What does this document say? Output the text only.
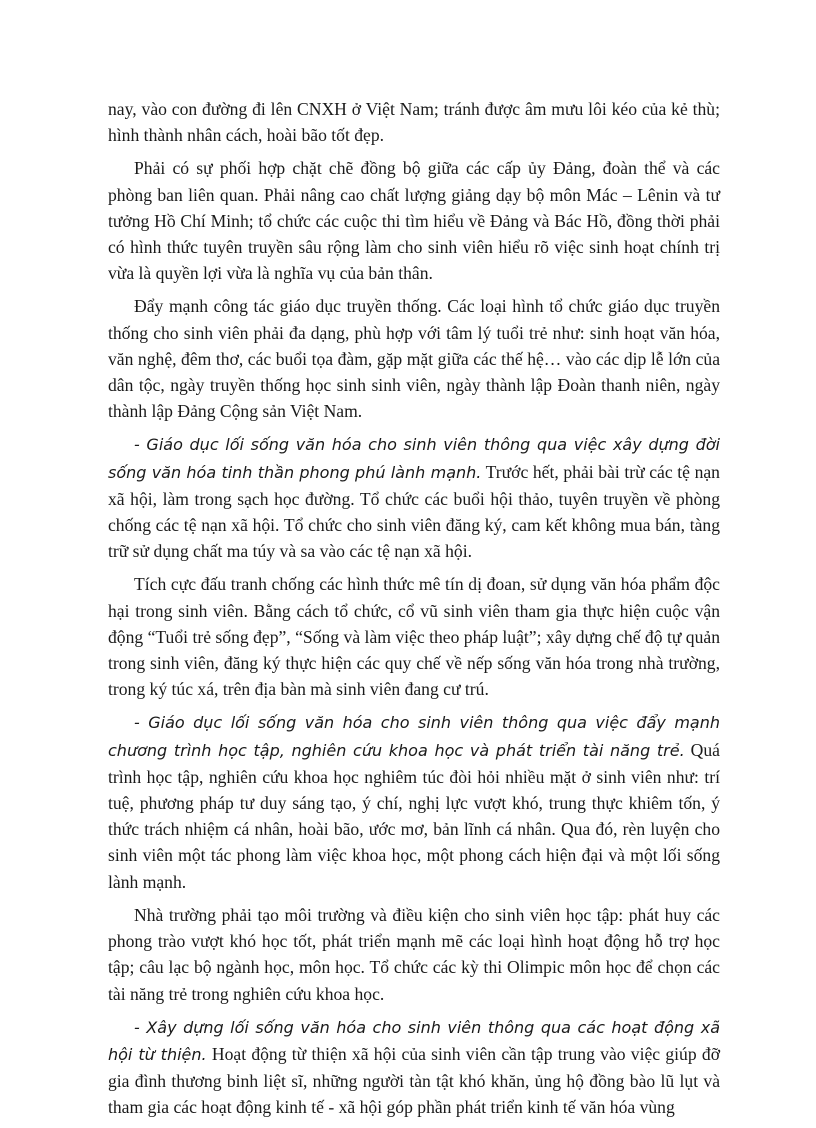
nay, vào con đường đi lên CNXH ở Việt Nam; tránh được âm mưu lôi kéo của kẻ thù; hình thành nhân cách, hoài bão tốt đẹp.

Phải có sự phối hợp chặt chẽ đồng bộ giữa các cấp ủy Đảng, đoàn thể và các phòng ban liên quan. Phải nâng cao chất lượng giảng dạy bộ môn Mác – Lênin và tư tưởng Hồ Chí Minh; tổ chức các cuộc thi tìm hiểu về Đảng và Bác Hồ, đồng thời phải có hình thức tuyên truyền sâu rộng làm cho sinh viên hiểu rõ việc sinh hoạt chính trị vừa là quyền lợi vừa là nghĩa vụ của bản thân.

Đẩy mạnh công tác giáo dục truyền thống. Các loại hình tổ chức giáo dục truyền thống cho sinh viên phải đa dạng, phù hợp với tâm lý tuổi trẻ như: sinh hoạt văn hóa, văn nghệ, đêm thơ, các buổi tọa đàm, gặp mặt giữa các thế hệ… vào các dịp lễ lớn của dân tộc, ngày truyền thống học sinh sinh viên, ngày thành lập Đoàn thanh niên, ngày thành lập Đảng Cộng sản Việt Nam.

- Giáo dục lối sống văn hóa cho sinh viên thông qua việc xây dựng đời sống văn hóa tinh thần phong phú lành mạnh. Trước hết, phải bài trừ các tệ nạn xã hội, làm trong sạch học đường. Tổ chức các buổi hội thảo, tuyên truyền về phòng chống các tệ nạn xã hội. Tổ chức cho sinh viên đăng ký, cam kết không mua bán, tàng trữ sử dụng chất ma túy và sa vào các tệ nạn xã hội.

Tích cực đấu tranh chống các hình thức mê tín dị đoan, sử dụng văn hóa phẩm độc hại trong sinh viên. Bằng cách tổ chức, cổ vũ sinh viên tham gia thực hiện cuộc vận động “Tuổi trẻ sống đẹp”, “Sống và làm việc theo pháp luật”; xây dựng chế độ tự quản trong sinh viên, đăng ký thực hiện các quy chế về nếp sống văn hóa trong nhà trường, trong ký túc xá, trên địa bàn mà sinh viên đang cư trú.

- Giáo dục lối sống văn hóa cho sinh viên thông qua việc đẩy mạnh chương trình học tập, nghiên cứu khoa học và phát triển tài năng trẻ. Quá trình học tập, nghiên cứu khoa học nghiêm túc đòi hỏi nhiều mặt ở sinh viên như: trí tuệ, phương pháp tư duy sáng tạo, ý chí, nghị lực vượt khó, trung thực khiêm tốn, ý thức trách nhiệm cá nhân, hoài bão, ước mơ, bản lĩnh cá nhân. Qua đó, rèn luyện cho sinh viên một tác phong làm việc khoa học, một phong cách hiện đại và một lối sống lành mạnh.

Nhà trường phải tạo môi trường và điều kiện cho sinh viên học tập: phát huy các phong trào vượt khó học tốt, phát triển mạnh mẽ các loại hình hoạt động hỗ trợ học tập; câu lạc bộ ngành học, môn học. Tổ chức các kỳ thi Olimpic môn học để chọn các tài năng trẻ trong nghiên cứu khoa học.

- Xây dựng lối sống văn hóa cho sinh viên thông qua các hoạt động xã hội từ thiện. Hoạt động từ thiện xã hội của sinh viên cần tập trung vào việc giúp đỡ gia đình thương binh liệt sĩ, những người tàn tật khó khăn, ủng hộ đồng bào lũ lụt và tham gia các hoạt động kinh tế - xã hội góp phần phát triển kinh tế văn hóa vùng
